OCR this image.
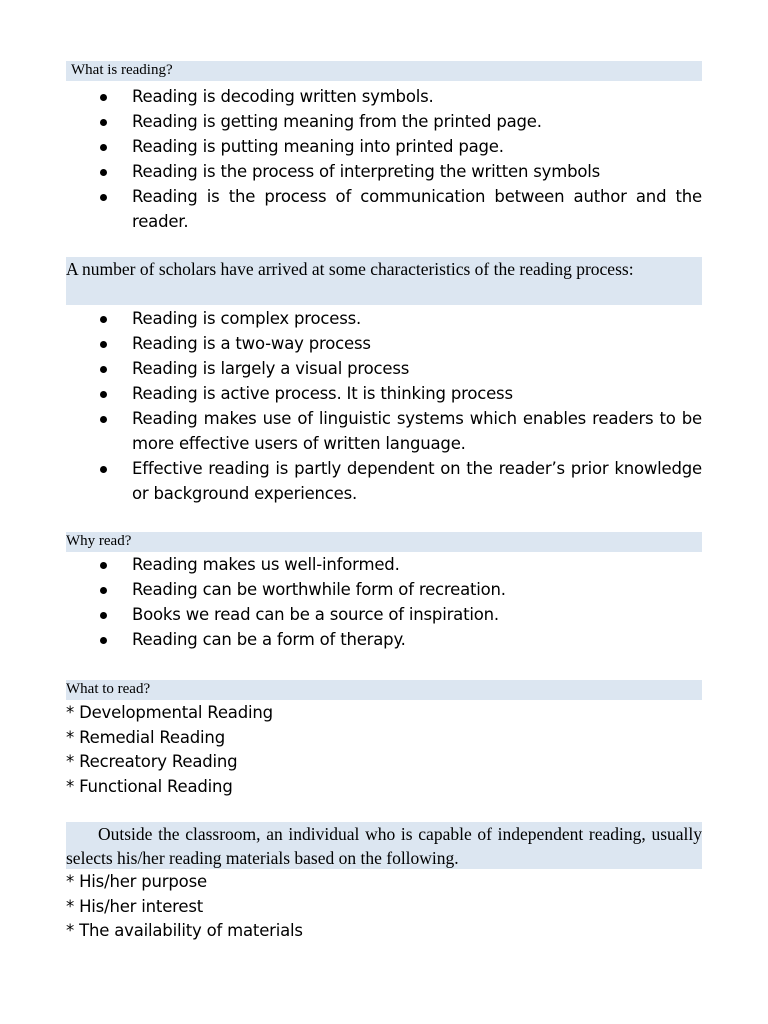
What is reading?
Reading is decoding written symbols.
Reading is getting meaning from the printed page.
Reading is putting meaning into printed page.
Reading is the process of interpreting the written symbols
Reading is the process of communication between author and the reader.
A number of scholars have arrived at some characteristics of the reading process:
Reading is complex process.
Reading is a two-way process
Reading is largely a visual process
Reading is active process. It is thinking process
Reading makes use of linguistic systems which enables readers to be more effective users of written language.
Effective reading is partly dependent on the reader’s prior knowledge or background experiences.
Why read?
Reading makes us well-informed.
Reading can be worthwhile form of recreation.
Books we read can be a source of inspiration.
Reading can be a form of therapy.
What to read?
* Developmental Reading
* Remedial Reading
* Recreatory Reading
* Functional Reading
Outside the classroom, an individual who is capable of independent reading, usually selects his/her reading materials based on the following.
* His/her purpose
* His/her interest
* The availability of materials
